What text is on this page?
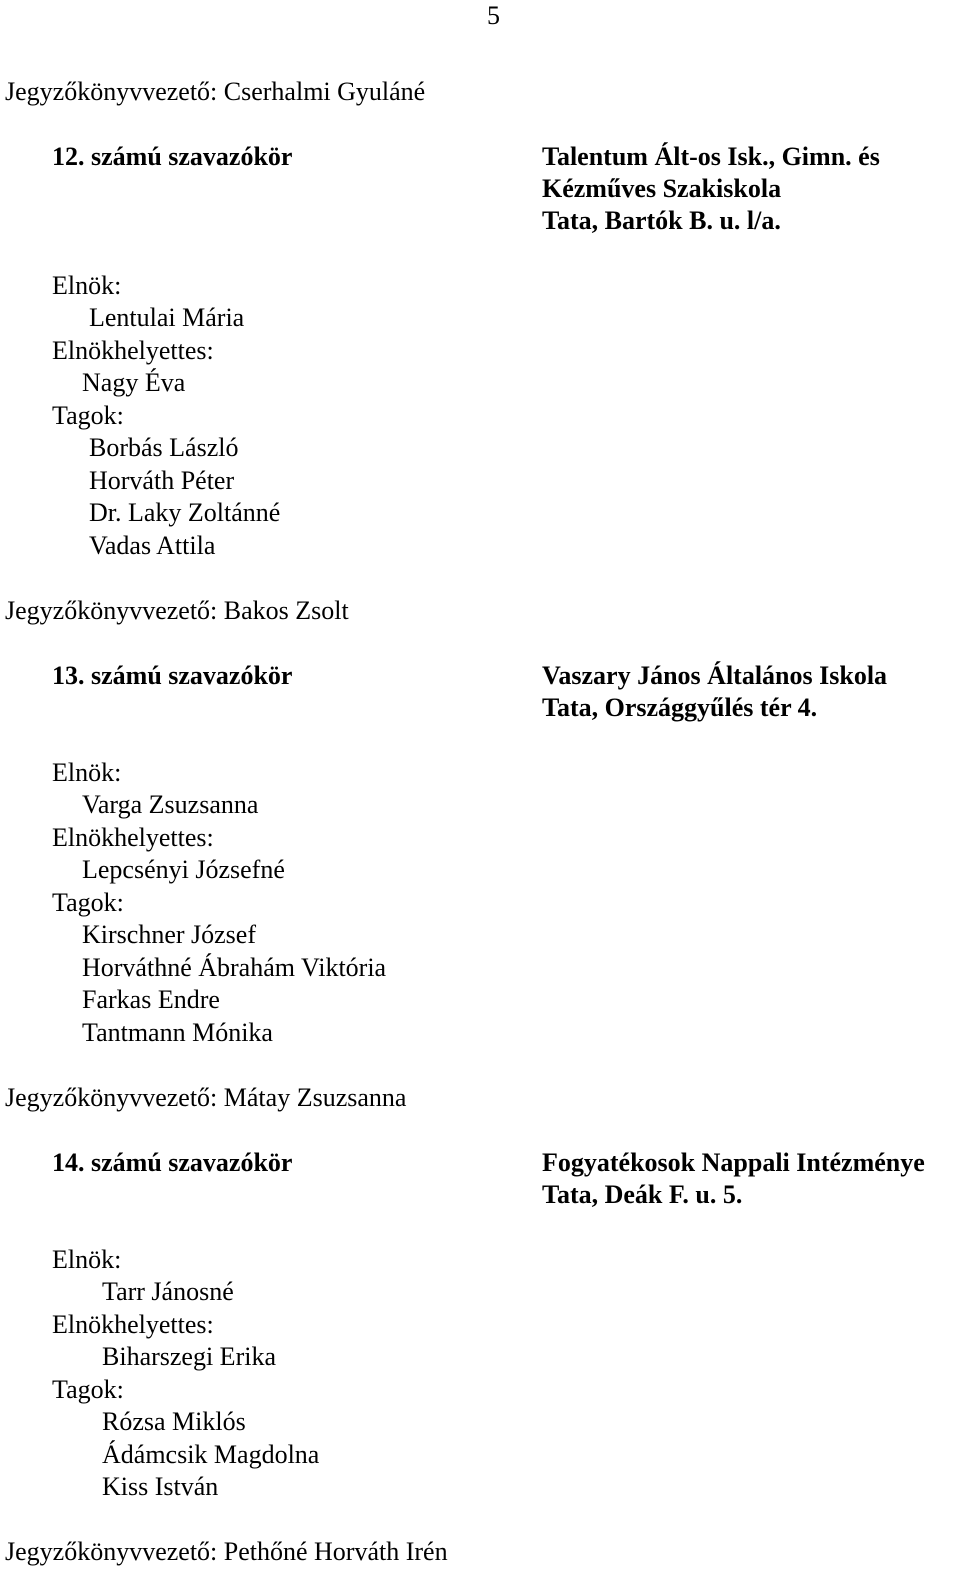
5
Jegyzőkönyvvezető: Cserhalmi Gyuláné
12. számú szavazókör	Talentum Ált-os Isk., Gimn. és
Kézműves Szakiskola
Tata, Bartók B. u. l/a.
Elnök:
Lentulai Mária
Elnökhelyettes:
Nagy Éva
Tagok:
Borbás László
Horváth Péter
Dr. Laky Zoltánné
Vadas Attila
Jegyzőkönyvvezető: Bakos Zsolt
13. számú szavazókör	Vaszary János Általános Iskola
Tata, Országgyűlés tér 4.
Elnök:
Varga Zsuzsanna
Elnökhelyettes:
Lepcsényi Józsefné
Tagok:
Kirschner József
Horváthné Ábrahám Viktória
Farkas Endre
Tantmann Mónika
Jegyzőkönyvvezető: Mátay Zsuzsanna
14. számú szavazókör	Fogyatékosok Nappali Intézménye
Tata, Deák F. u. 5.
Elnök:
Tarr Jánosné
Elnökhelyettes:
Biharszegi Erika
Tagok:
Rózsa Miklós
Ádámcsik Magdolna
Kiss István
Jegyzőkönyvvezető: Pethőné Horváth Irén
